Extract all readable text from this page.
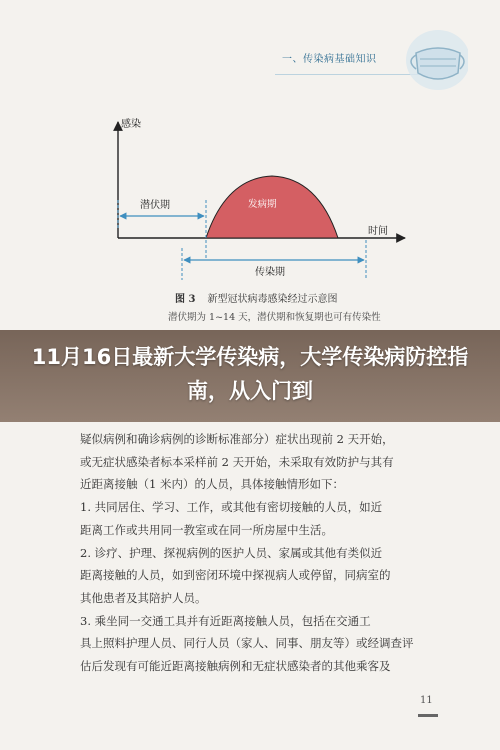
一、传染病基础知识
感染
时间
发病期
潜伏期
传染期
图 3 新型冠状病毒感染经过示意图
潜伏期为 1~14 天，潜伏期和恢复期也可有传染性
11月16日最新大学传染病，大学传染病防控指南，从入门到

疑似病例和确诊病例的诊断标准部分）症状出现前 2 天开始，

或无症状感染者标本采样前 2 天开始，未采取有效防护与其有

近距离接触（1 米内）的人员，具体接触情形如下：

1. 共同居住、学习、工作，或其他有密切接触的人员，如近

距离工作或共用同一教室或在同一所房屋中生活。

2. 诊疗、护理、探视病例的医护人员、家属或其他有类似近

距离接触的人员，如到密闭环境中探视病人或停留，同病室的

其他患者及其陪护人员。

3. 乘坐同一交通工具并有近距离接触人员，包括在交通工

具上照料护理人员、同行人员（家人、同事、朋友等）或经调查评

估后发现有可能近距离接触病例和无症状感染者的其他乘客及

11
